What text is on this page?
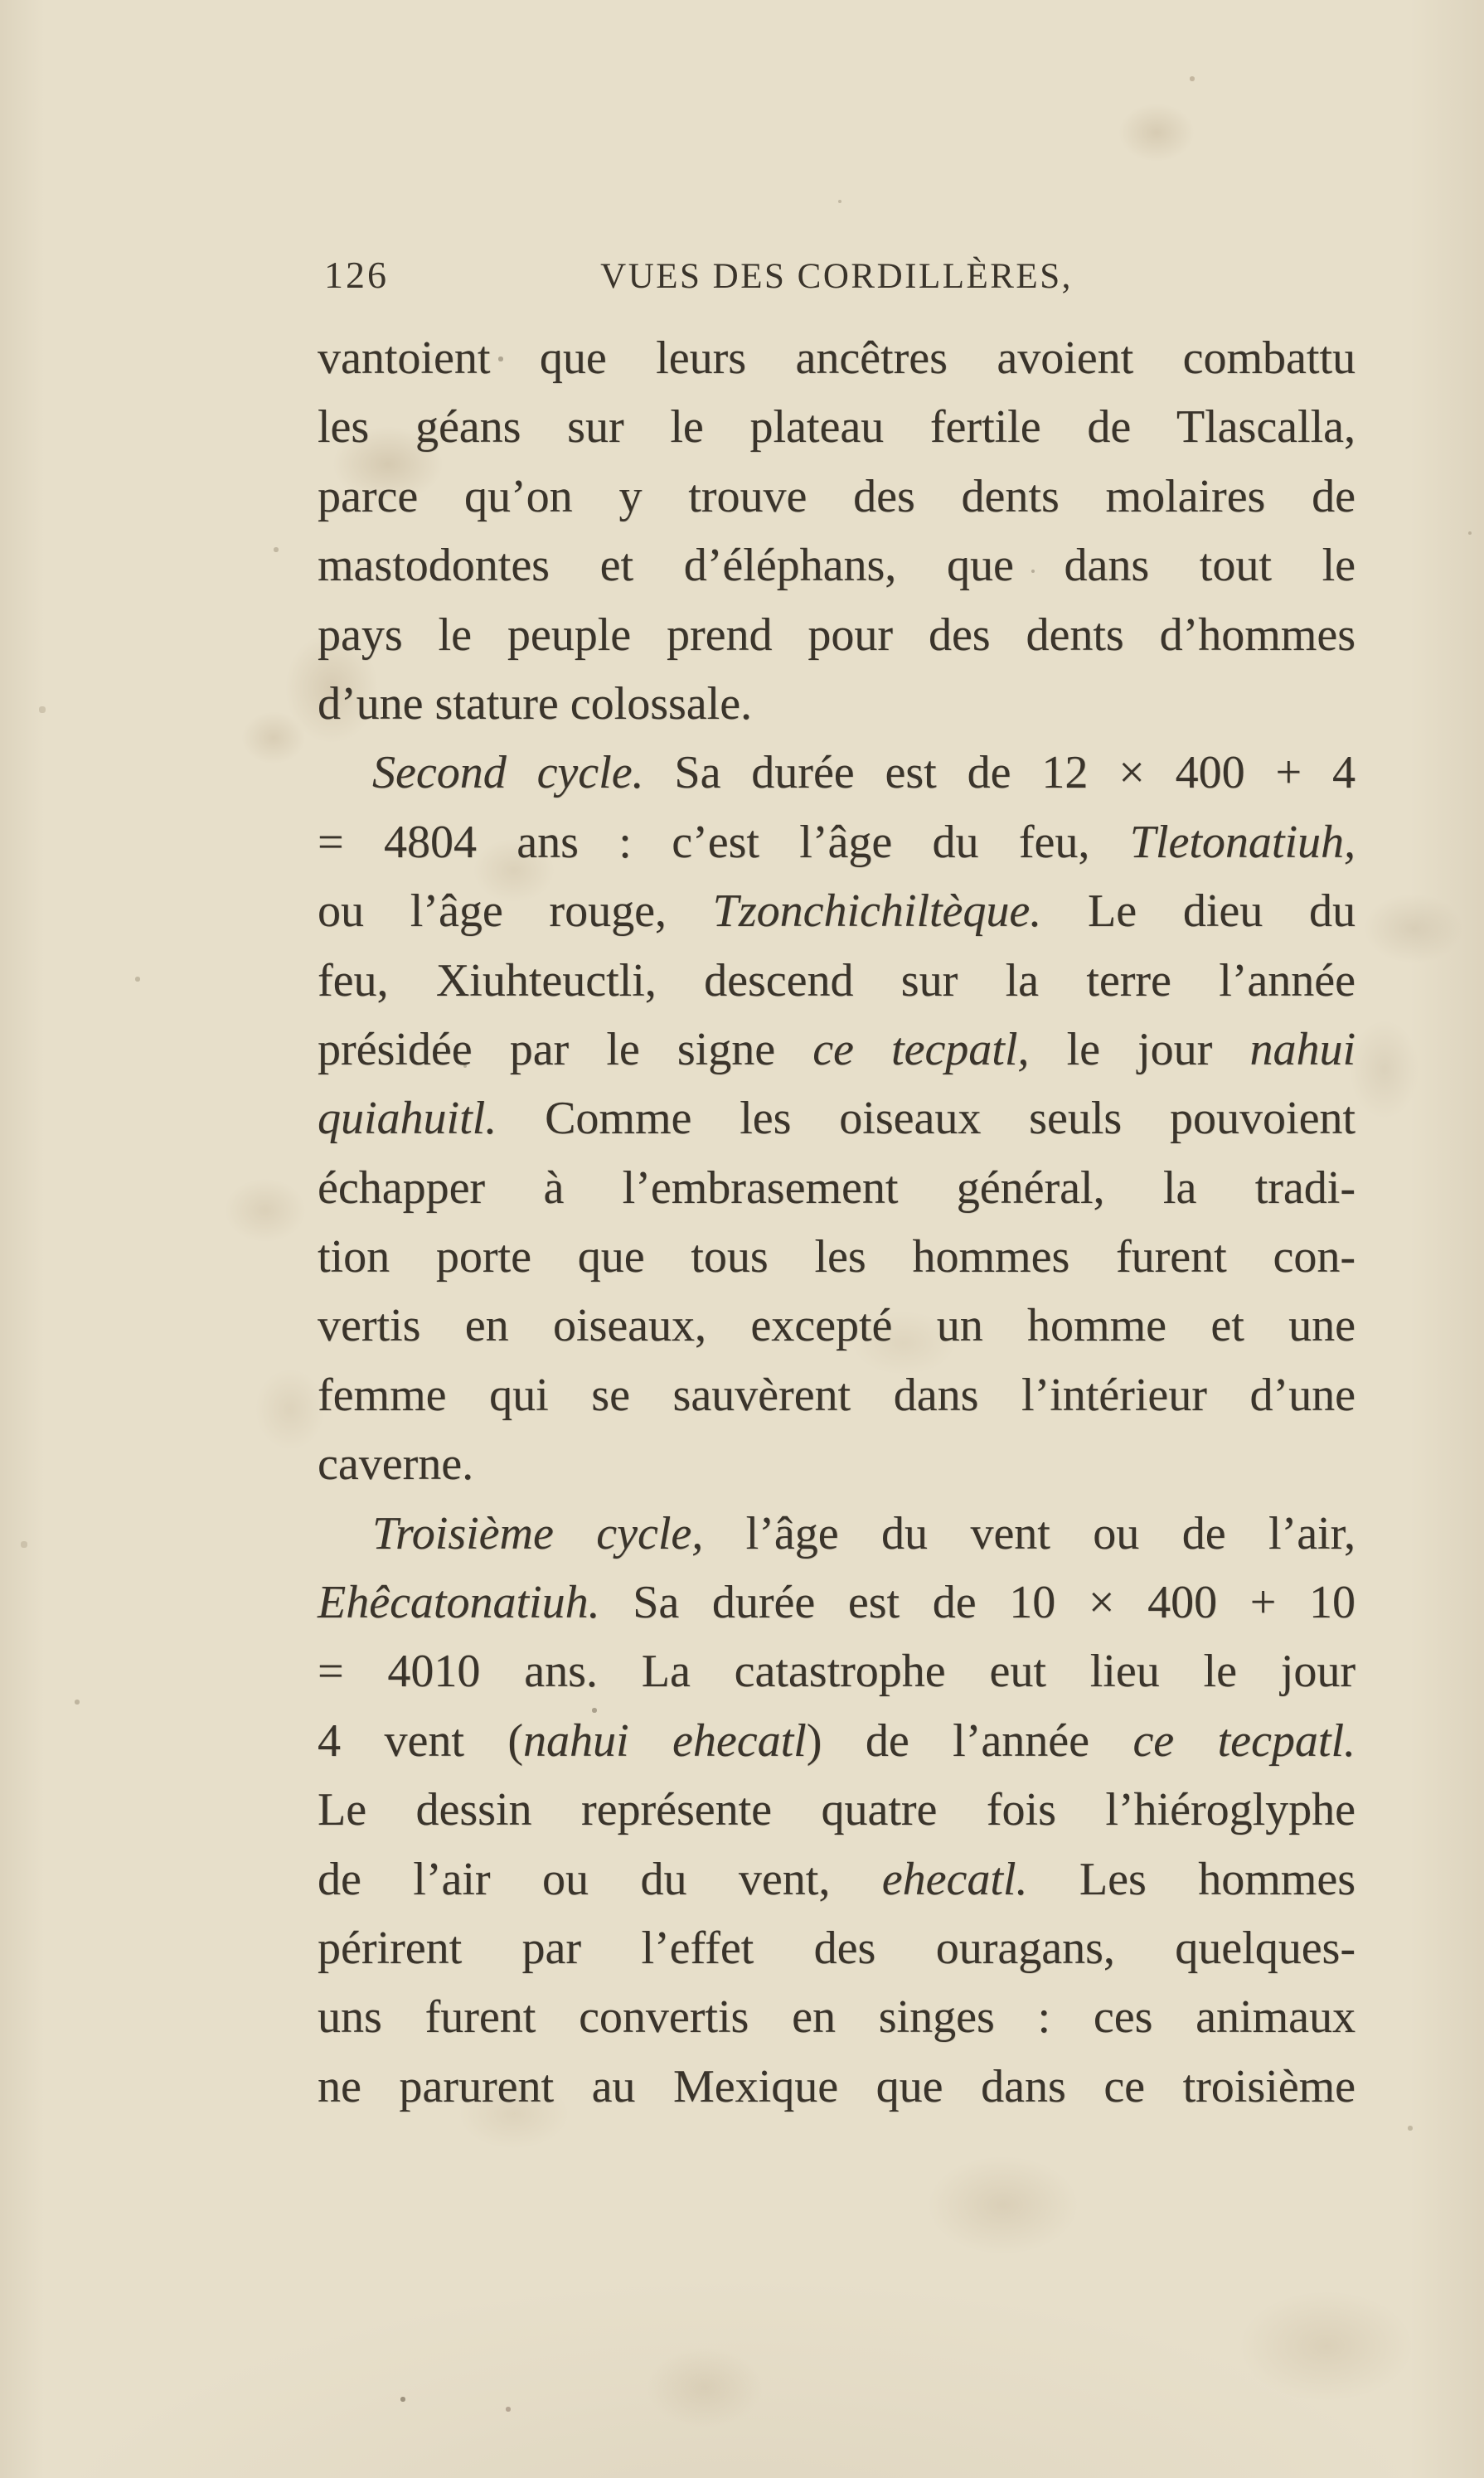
126	VUES DES CORDILLÈRES,
vantoient que leurs ancêtres avoient combattu
les géans sur le plateau fertile de Tlascalla,
parce qu’on y trouve des dents molaires de
mastodontes et d’éléphans, que dans tout le
pays le peuple prend pour des dents d’hommes
d’une stature colossale.
Second cycle. Sa durée est de 12 × 400 + 4
= 4804 ans : c’est l’âge du feu, Tletonatiuh,
ou l’âge rouge, Tzonchichiltèque. Le dieu du
feu, Xiuhteuctli, descend sur la terre l’année
présidée par le signe ce tecpatl, le jour nahui
quiahuitl. Comme les oiseaux seuls pouvoient
échapper à l’embrasement général, la tradi-
tion porte que tous les hommes furent con-
vertis en oiseaux, excepté un homme et une
femme qui se sauvèrent dans l’intérieur d’une
caverne.
Troisième cycle, l’âge du vent ou de l’air,
Ehêcatonatiuh. Sa durée est de 10 × 400 + 10
= 4010 ans. La catastrophe eut lieu le jour
4 vent (nahui ehecatl) de l’année ce tecpatl.
Le dessin représente quatre fois l’hiéroglyphe
de l’air ou du vent, ehecatl. Les hommes
périrent par l’effet des ouragans, quelques-
uns furent convertis en singes : ces animaux
ne parurent au Mexique que dans ce troisième
